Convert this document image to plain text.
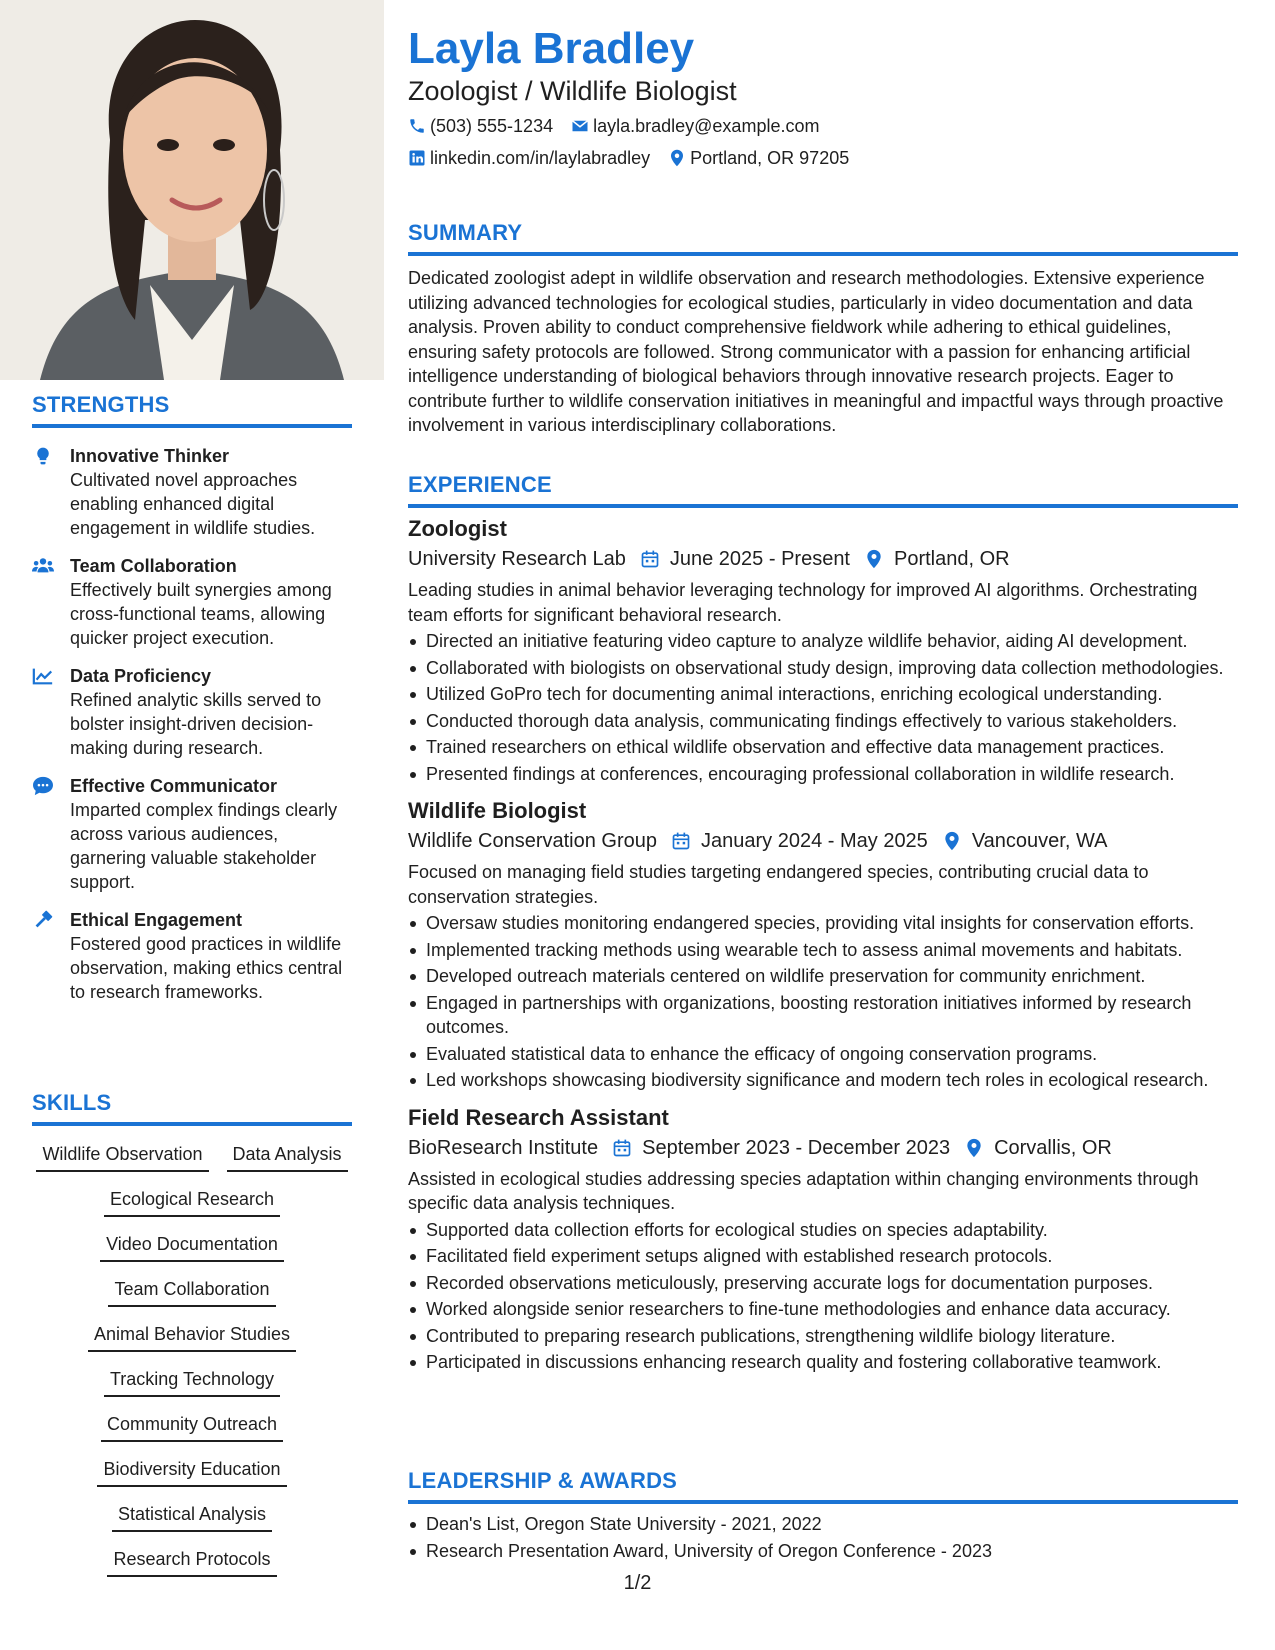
STRENGTHS
Innovative Thinker
Cultivated novel approaches enabling enhanced digital engagement in wildlife studies.
Team Collaboration
Effectively built synergies among cross-functional teams, allowing quicker project execution.
Data Proficiency
Refined analytic skills served to bolster insight-driven decision-making during research.
Effective Communicator
Imparted complex findings clearly across various audiences, garnering valuable stakeholder support.
Ethical Engagement
Fostered good practices in wildlife observation, making ethics central to research frameworks.
SKILLS
Wildlife Observation	Data Analysis
Ecological Research
Video Documentation
Team Collaboration
Animal Behavior Studies
Tracking Technology
Community Outreach
Biodiversity Education
Statistical Analysis
Research Protocols
Layla Bradley
Zoologist / Wildlife Biologist
(503) 555-1234 layla.bradley@example.com
linkedin.com/in/laylabradley Portland, OR 97205
SUMMARY
Dedicated zoologist adept in wildlife observation and research methodologies. Extensive experience utilizing advanced technologies for ecological studies, particularly in video documentation and data analysis. Proven ability to conduct comprehensive fieldwork while adhering to ethical guidelines, ensuring safety protocols are followed. Strong communicator with a passion for enhancing artificial intelligence understanding of biological behaviors through innovative research projects. Eager to contribute further to wildlife conservation initiatives in meaningful and impactful ways through proactive involvement in various interdisciplinary collaborations.
EXPERIENCE
Zoologist
University Research Lab June 2025 - Present Portland, OR
Leading studies in animal behavior leveraging technology for improved AI algorithms. Orchestrating team efforts for significant behavioral research.
Directed an initiative featuring video capture to analyze wildlife behavior, aiding AI development.
Collaborated with biologists on observational study design, improving data collection methodologies.
Utilized GoPro tech for documenting animal interactions, enriching ecological understanding.
Conducted thorough data analysis, communicating findings effectively to various stakeholders.
Trained researchers on ethical wildlife observation and effective data management practices.
Presented findings at conferences, encouraging professional collaboration in wildlife research.
Wildlife Biologist
Wildlife Conservation Group January 2024 - May 2025 Vancouver, WA
Focused on managing field studies targeting endangered species, contributing crucial data to conservation strategies.
Oversaw studies monitoring endangered species, providing vital insights for conservation efforts.
Implemented tracking methods using wearable tech to assess animal movements and habitats.
Developed outreach materials centered on wildlife preservation for community enrichment.
Engaged in partnerships with organizations, boosting restoration initiatives informed by research outcomes.
Evaluated statistical data to enhance the efficacy of ongoing conservation programs.
Led workshops showcasing biodiversity significance and modern tech roles in ecological research.
Field Research Assistant
BioResearch Institute September 2023 - December 2023 Corvallis, OR
Assisted in ecological studies addressing species adaptation within changing environments through specific data analysis techniques.
Supported data collection efforts for ecological studies on species adaptability.
Facilitated field experiment setups aligned with established research protocols.
Recorded observations meticulously, preserving accurate logs for documentation purposes.
Worked alongside senior researchers to fine-tune methodologies and enhance data accuracy.
Contributed to preparing research publications, strengthening wildlife biology literature.
Participated in discussions enhancing research quality and fostering collaborative teamwork.
LEADERSHIP & AWARDS
Dean's List, Oregon State University - 2021, 2022
Research Presentation Award, University of Oregon Conference - 2023
1/2
